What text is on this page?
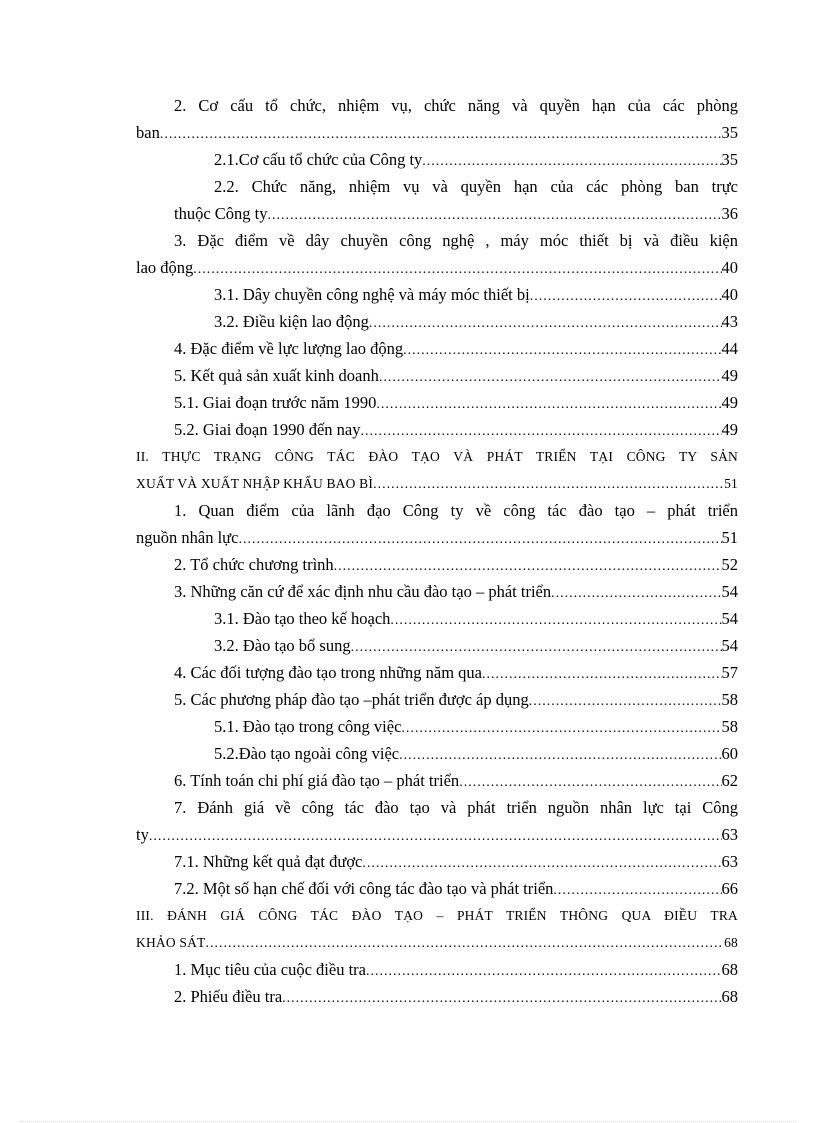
2. Cơ cấu tổ chức, nhiệm vụ, chức năng và quyền hạn của các phòng
ban .....	35
2.1.Cơ cấu tổ chức của Công ty .....	35
2.2. Chức năng, nhiệm vụ và quyền hạn của các phòng ban trực
thuộc Công ty .....	36
3. Đặc điểm về dây chuyền công nghệ , máy móc thiết bị và điều kiện
lao động .....	40
3.1. Dây chuyền công nghệ và máy móc thiết bị .....	40
3.2. Điều kiện lao động .....	43
4. Đặc điểm về lực lượng lao động .....	44
5. Kết quả sản xuất kinh doanh .....	49
5.1. Giai đoạn trước năm 1990 .....	49
5.2. Giai đoạn 1990 đến nay .....	49
II. THỰC TRẠNG CÔNG TÁC ĐÀO TẠO VÀ PHÁT TRIỂN TẠI CÔNG TY SẢN
XUẤT VÀ XUẤT NHẬP KHẨU BAO BÌ .....	51
1. Quan điểm của lãnh đạo Công ty về công tác đào tạo – phát triển
nguồn nhân lực .....	51
2. Tổ chức chương trình .....	52
3. Những căn cứ để xác định nhu cầu đào tạo – phát triển .....	54
3.1. Đào tạo theo kế hoạch .....	54
3.2. Đào tạo bổ sung .....	54
4. Các đối tượng đào tạo trong những năm qua .....	57
5. Các phương pháp đào tạo –phát triển được áp dụng .....	58
5.1. Đào tạo trong công việc .....	58
5.2.Đào tạo ngoài công việc .....	60
6. Tính toán chi phí giá đào tạo – phát triển .....	62
7. Đánh giá về công tác đào tạo và phát triển nguồn nhân lực tại Công
ty .....	63
7.1. Những kết quả đạt được .....	63
7.2. Một số hạn chế đối với công tác đào tạo và phát triển .....	66
III. ĐÁNH GIÁ CÔNG TÁC ĐÀO TẠO – PHÁT TRIỂN THÔNG QUA ĐIỀU TRA
KHẢO SÁT .....	68
1. Mục tiêu của cuộc điều tra .....	68
2. Phiếu điều tra .....	68
